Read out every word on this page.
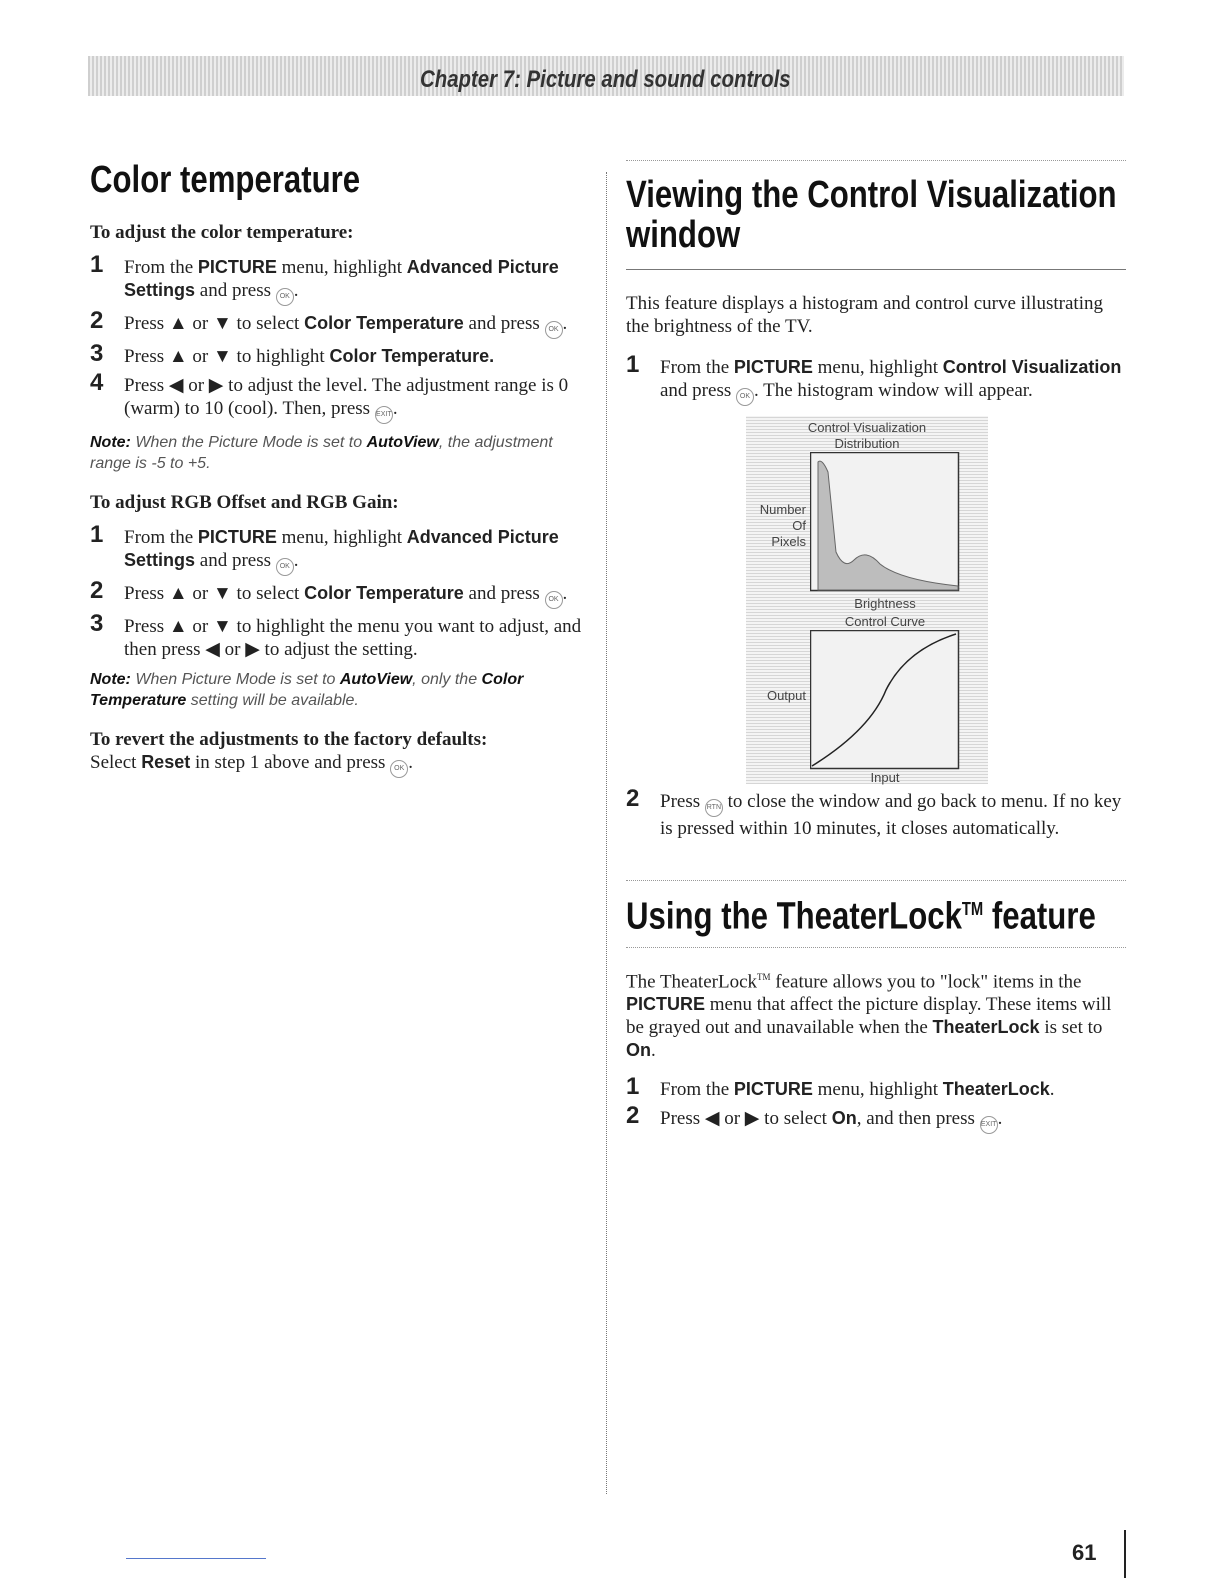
Chapter 7: Picture and sound controls
Color temperature

To adjust the color temperature:

1 From the PICTURE menu, highlight Advanced Picture Settings and press OK .
2 Press ▲ or ▼ to select Color Temperature and press OK .
3 Press ▲ or ▼ to highlight Color Temperature.
4 Press ◀ or ▶ to adjust the level. The adjustment range is 0 (warm) to 10 (cool). Then, press EXIT.

Note: When the Picture Mode is set to AutoView, the adjustment range is -5 to +5.

To adjust RGB Offset and RGB Gain:

1 From the PICTURE menu, highlight Advanced Picture Settings and press OK .
2 Press ▲ or ▼ to select Color Temperature and press OK .
3 Press ▲ or ▼ to highlight the menu you want to adjust, and then press ◀ or ▶ to adjust the setting.

Note: When Picture Mode is set to AutoView, only the Color Temperature setting will be available.

To revert the adjustments to the factory defaults:

Select Reset in step 1 above and press OK .

Viewing the Control Visualization
window

This feature displays a histogram and control curve illustrating the brightness of the TV.

1 From the PICTURE menu, highlight Control Visualization and press OK . The histogram window will appear.
Control Visualization
Distribution
Number
Of
Pixels
Brightness
Control Curve
Output
Input
2 Press RTN to close the window and go back to menu. If no key is pressed within 10 minutes, it closes automatically.
Using the TheaterLock™ feature

The TheaterLock™ feature allows you to "lock" items in the PICTURE menu that affect the picture display. These items will be grayed out and unavailable when the TheaterLock is set to On.

1 From the PICTURE menu, highlight TheaterLock.
2 Press ◀ or ▶ to select On, and then press EXIT.
61
